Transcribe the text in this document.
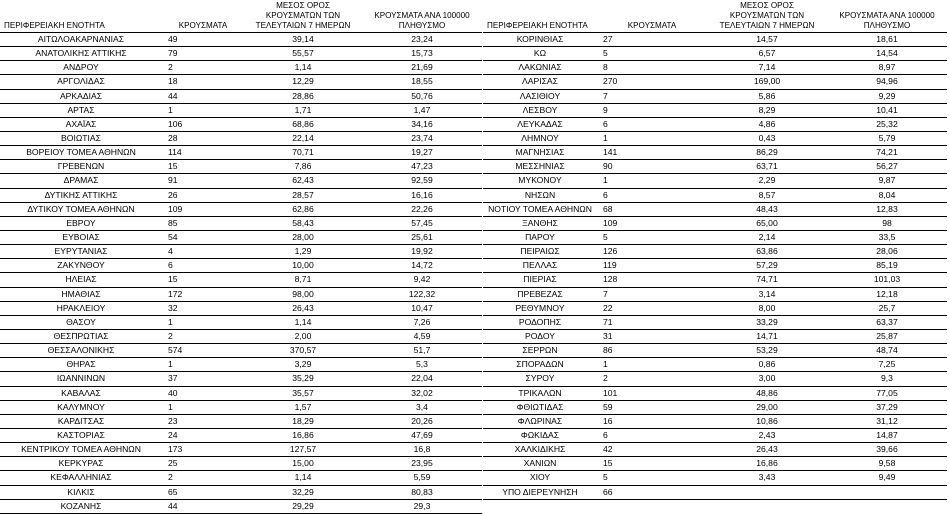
ΠΕΡΙΦΕΡΕΙΑΚΗ ΕΝΟΤΗΤΑ	ΚΡΟΥΣΜΑΤΑ	ΜΕΣΟΣ ΟΡΟΣ
ΚΡΟΥΣΜΑΤΩΝ ΤΩΝ
ΤΕΛΕΥΤΑΙΩΝ 7 ΗΜΕΡΩΝ	ΚΡΟΥΣΜΑΤΑ ΑΝΑ 100000
ΠΛΗΘΥΣΜΟ
ΑΙΤΩΛΟΑΚΑΡΝΑΝΙΑΣ	49	39,14	23,24
ΑΝΑΤΟΛΙΚΗΣ ΑΤΤΙΚΗΣ	79	55,57	15,73
ΑΝΔΡΟΥ	2	1,14	21,69
ΑΡΓΟΛΙΔΑΣ	18	12,29	18,55
ΑΡΚΑΔΙΑΣ	44	28,86	50,76
ΑΡΤΑΣ	1	1,71	1,47
ΑΧΑΪΑΣ	106	68,86	34,16
ΒΟΙΩΤΙΑΣ	28	22,14	23,74
ΒΟΡΕΙΟΥ ΤΟΜΕΑ ΑΘΗΝΩΝ	114	70,71	19,27
ΓΡΕΒΕΝΩΝ	15	7,86	47,23
ΔΡΑΜΑΣ	91	62,43	92,59
ΔΥΤΙΚΗΣ ΑΤΤΙΚΗΣ	26	28,57	16,16
ΔΥΤΙΚΟΥ ΤΟΜΕΑ ΑΘΗΝΩΝ	109	62,86	22,26
ΕΒΡΟΥ	85	58,43	57,45
ΕΥΒΟΙΑΣ	54	28,00	25,61
ΕΥΡΥΤΑΝΙΑΣ	4	1,29	19,92
ΖΑΚΥΝΘΟΥ	6	10,00	14,72
ΗΛΕΙΑΣ	15	8,71	9,42
ΗΜΑΘΙΑΣ	172	98,00	122,32
ΗΡΑΚΛΕΙΟΥ	32	26,43	10,47
ΘΑΣΟΥ	1	1,14	7,26
ΘΕΣΠΡΩΤΙΑΣ	2	2,00	4,59
ΘΕΣΣΑΛΟΝΙΚΗΣ	574	370,57	51,7
ΘΗΡΑΣ	1	3,29	5,3
ΙΩΑΝΝΙΝΩΝ	37	35,29	22,04
ΚΑΒΑΛΑΣ	40	35,57	32,02
ΚΑΛΥΜΝΟΥ	1	1,57	3,4
ΚΑΡΔΙΤΣΑΣ	23	18,29	20,26
ΚΑΣΤΟΡΙΑΣ	24	16,86	47,69
ΚΕΝΤΡΙΚΟΥ ΤΟΜΕΑ ΑΘΗΝΩΝ	173	127,57	16,8
ΚΕΡΚΥΡΑΣ	25	15,00	23,95
ΚΕΦΑΛΛΗΝΙΑΣ	2	1,14	5,59
ΚΙΛΚΙΣ	65	32,29	80,83
ΚΟΖΑΝΗΣ	44	29,29	29,3
ΠΕΡΙΦΕΡΕΙΑΚΗ ΕΝΟΤΗΤΑ	ΚΡΟΥΣΜΑΤΑ	ΜΕΣΟΣ ΟΡΟΣ
ΚΡΟΥΣΜΑΤΩΝ ΤΩΝ
ΤΕΛΕΥΤΑΙΩΝ 7 ΗΜΕΡΩΝ	ΚΡΟΥΣΜΑΤΑ ΑΝΑ 100000
ΠΛΗΘΥΣΜΟ
ΚΟΡΙΝΘΙΑΣ	27	14,57	18,61
ΚΩ	5	6,57	14,54
ΛΑΚΩΝΙΑΣ	8	7,14	8,97
ΛΑΡΙΣΑΣ	270	169,00	94,96
ΛΑΣΙΘΙΟΥ	7	5,86	9,29
ΛΕΣΒΟΥ	9	8,29	10,41
ΛΕΥΚΑΔΑΣ	6	4,86	25,32
ΛΗΜΝΟΥ	1	0,43	5,79
ΜΑΓΝΗΣΙΑΣ	141	86,29	74,21
ΜΕΣΣΗΝΙΑΣ	90	63,71	56,27
ΜΥΚΟΝΟΥ	1	2,29	9,87
ΝΗΣΩΝ	6	8,57	8,04
ΝΟΤΙΟΥ ΤΟΜΕΑ ΑΘΗΝΩΝ	68	48,43	12,83
ΞΑΝΘΗΣ	109	65,00	98
ΠΑΡΟΥ	5	2,14	33,5
ΠΕΙΡΑΙΩΣ	126	63,86	28,06
ΠΕΛΛΑΣ	119	57,29	85,19
ΠΙΕΡΙΑΣ	128	74,71	101,03
ΠΡΕΒΕΖΑΣ	7	3,14	12,18
ΡΕΘΥΜΝΟΥ	22	8,00	25,7
ΡΟΔΟΠΗΣ	71	33,29	63,37
ΡΟΔΟΥ	31	14,71	25,87
ΣΕΡΡΩΝ	86	53,29	48,74
ΣΠΟΡΑΔΩΝ	1	0,86	7,25
ΣΥΡΟΥ	2	3,00	9,3
ΤΡΙΚΑΛΩΝ	101	48,86	77,05
ΦΘΙΩΤΙΔΑΣ	59	29,00	37,29
ΦΛΩΡΙΝΑΣ	16	10,86	31,12
ΦΩΚΙΔΑΣ	6	2,43	14,87
ΧΑΛΚΙΔΙΚΗΣ	42	26,43	39,66
ΧΑΝΙΩΝ	15	16,86	9,58
ΧΙΟΥ	5	3,43	9,49
ΥΠΟ ΔΙΕΡΕΥΝΗΣΗ	66		
